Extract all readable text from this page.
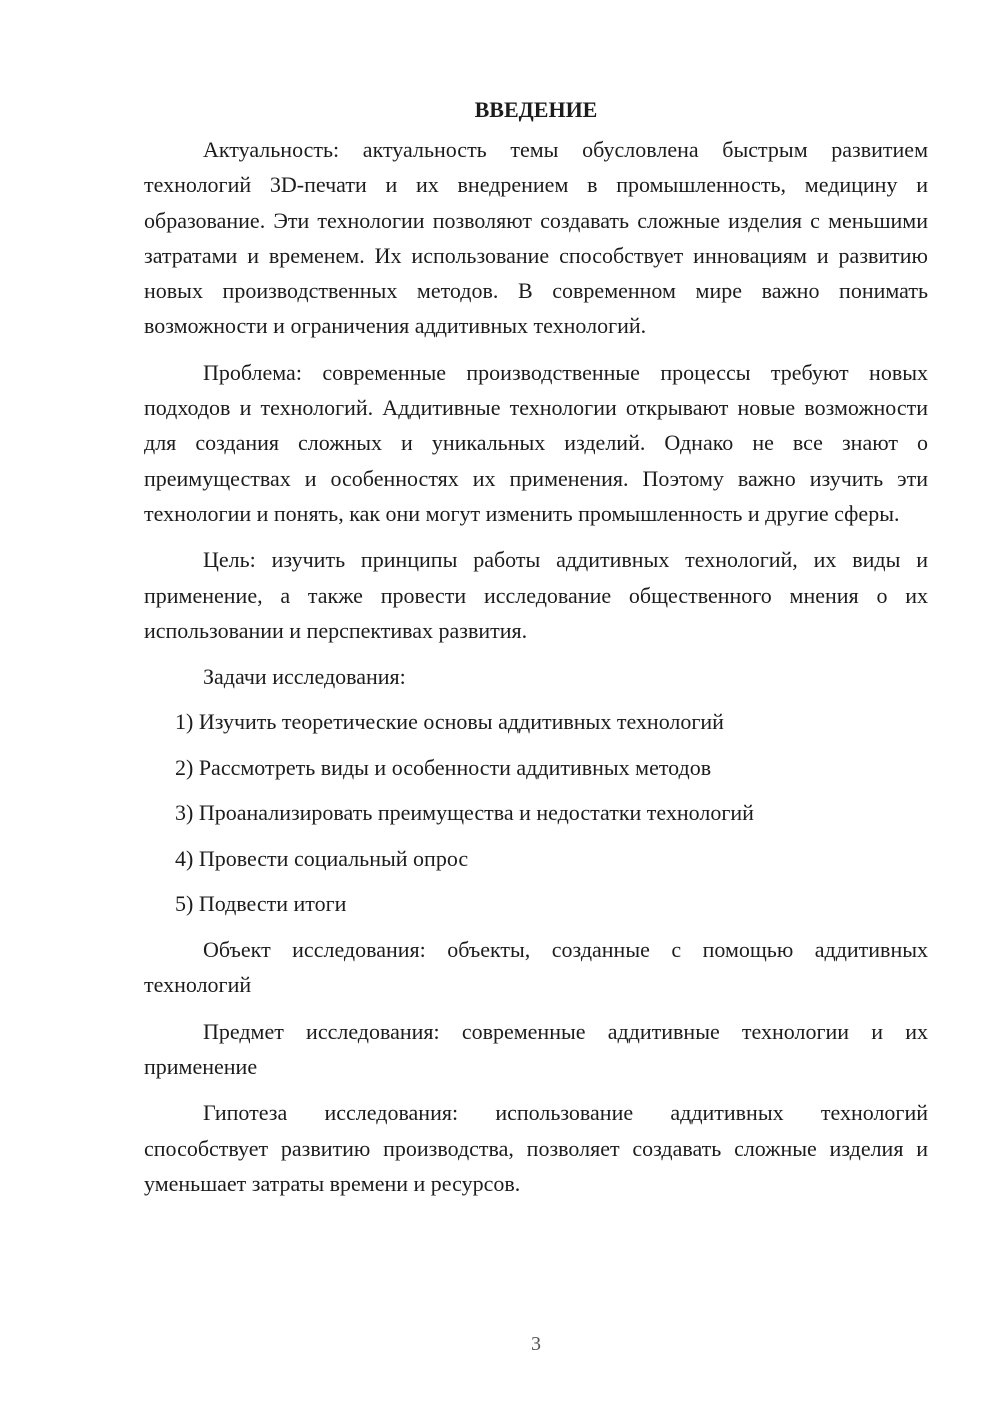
ВВЕДЕНИЕ

Актуальность: актуальность темы обусловлена быстрым развитием технологий 3D-печати и их внедрением в промышленность, медицину и образование. Эти технологии позволяют создавать сложные изделия с меньшими затратами и временем. Их использование способствует инновациям и развитию новых производственных методов. В современном мире важно понимать возможности и ограничения аддитивных технологий.

Проблема: современные производственные процессы требуют новых подходов и технологий. Аддитивные технологии открывают новые возможности для создания сложных и уникальных изделий. Однако не все знают о преимуществах и особенностях их применения. Поэтому важно изучить эти технологии и понять, как они могут изменить промышленность и другие сферы.

Цель: изучить принципы работы аддитивных технологий, их виды и применение, а также провести исследование общественного мнения о их использовании и перспективах развития.

Задачи исследования:

1) Изучить теоретические основы аддитивных технологий
2) Рассмотреть виды и особенности аддитивных методов
3) Проанализировать преимущества и недостатки технологий
4) Провести социальный опрос
5) Подвести итоги

Объект исследования: объекты, созданные с помощью аддитивных технологий

Предмет исследования: современные аддитивные технологии и их применение

Гипотеза исследования: использование аддитивных технологий способствует развитию производства, позволяет создавать сложные изделия и уменьшает затраты времени и ресурсов.

3
